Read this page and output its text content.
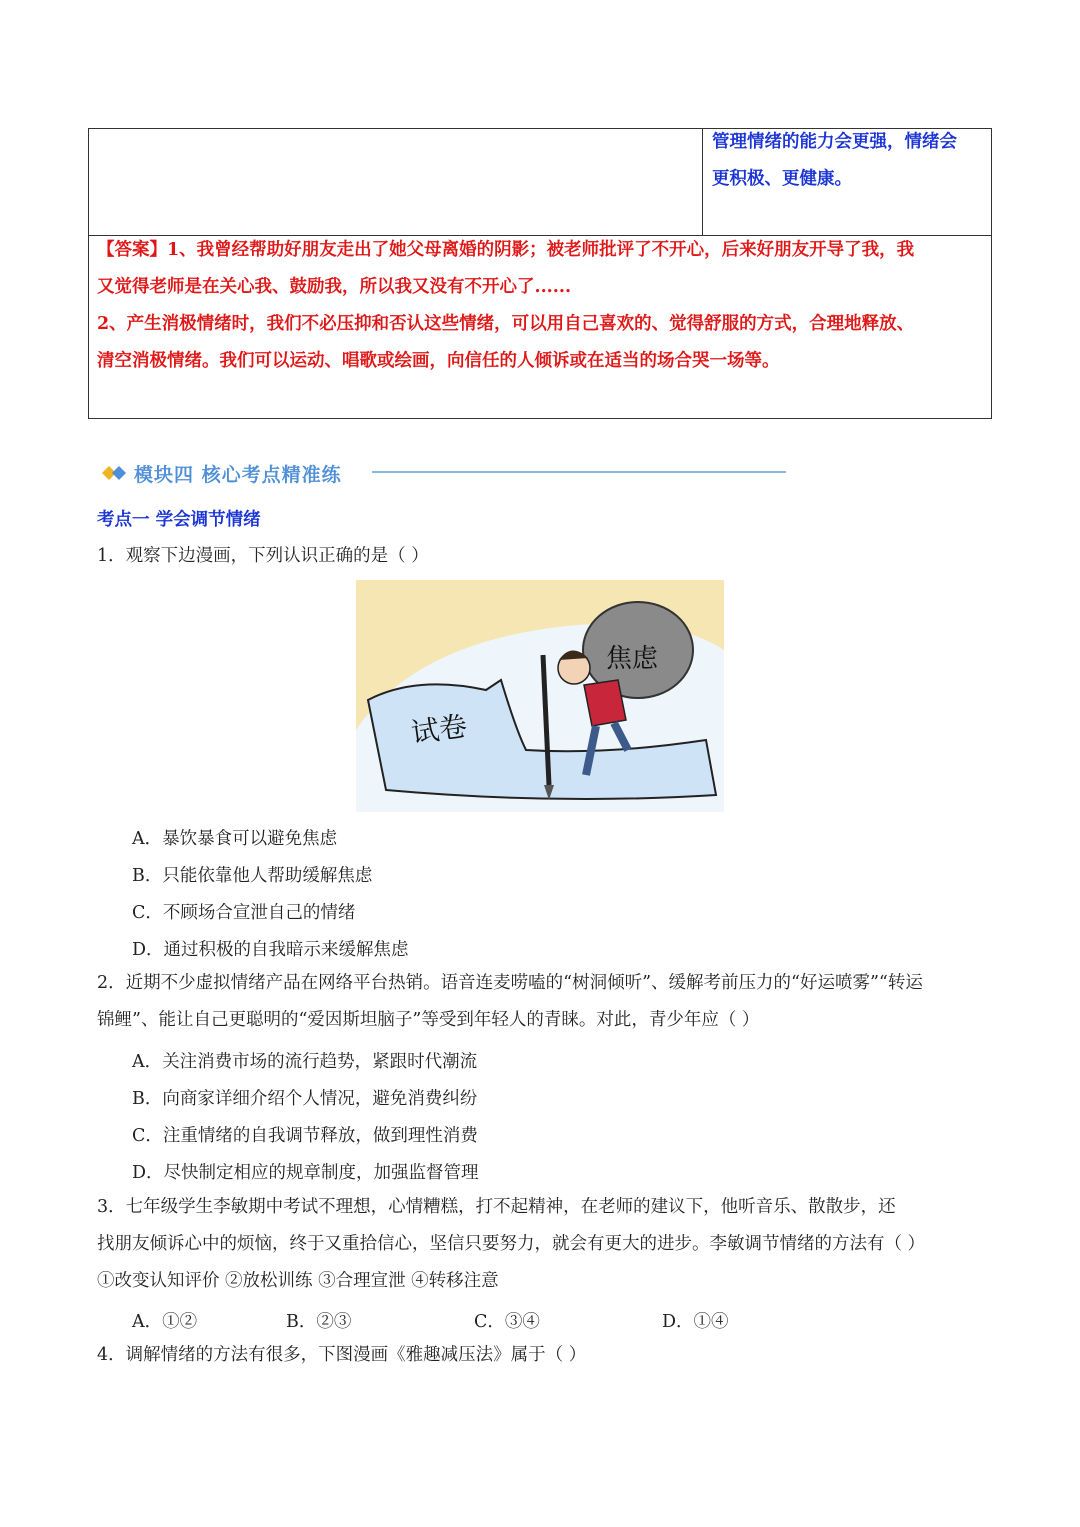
管理情绪的能力会更强，情绪会
更积极、更健康。

【答案】1、我曾经帮助好朋友走出了她父母离婚的阴影；被老师批评了不开心，后来好朋友开导了我，我

又觉得老师是在关心我、鼓励我，所以我又没有不开心了......

2、产生消极情绪时，我们不必压抑和否认这些情绪，可以用自己喜欢的、觉得舒服的方式，合理地释放、

清空消极情绪。我们可以运动、唱歌或绘画，向信任的人倾诉或在适当的场合哭一场等。

模块四 核心考点精准练
考点一 学会调节情绪
1．观察下边漫画，下列认识正确的是（ ）
焦虑
试卷
A．暴饮暴食可以避免焦虑
B．只能依靠他人帮助缓解焦虑
C．不顾场合宣泄自己的情绪
D．通过积极的自我暗示来缓解焦虑
2．近期不少虚拟情绪产品在网络平台热销。语音连麦唠嗑的“树洞倾听”、缓解考前压力的“好运喷雾”“转运
锦鲤”、能让自己更聪明的“爱因斯坦脑子”等受到年轻人的青睐。对此，青少年应（ ）
A．关注消费市场的流行趋势，紧跟时代潮流
B．向商家详细介绍个人情况，避免消费纠纷
C．注重情绪的自我调节释放，做到理性消费
D．尽快制定相应的规章制度，加强监督管理
3．七年级学生李敏期中考试不理想，心情糟糕，打不起精神，在老师的建议下，他听音乐、散散步，还
找朋友倾诉心中的烦恼，终于又重拾信心，坚信只要努力，就会有更大的进步。李敏调节情绪的方法有（ ）
①改变认知评价 ②放松训练 ③合理宣泄 ④转移注意
A．①②	B．②③	C．③④	D．①④
4．调解情绪的方法有很多，下图漫画《雅趣减压法》属于（ ）
